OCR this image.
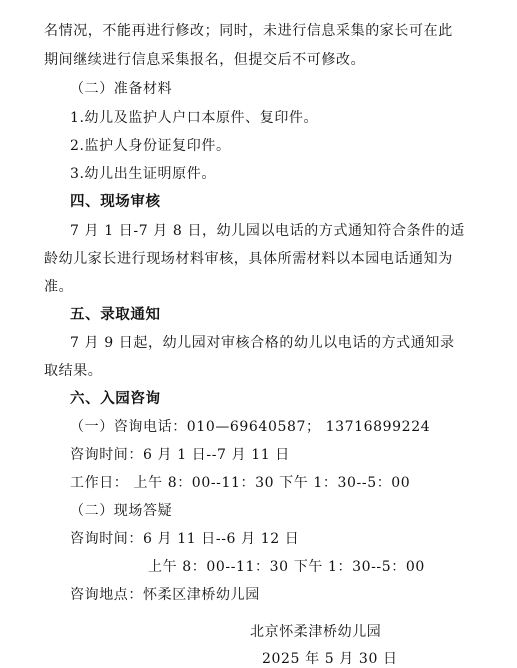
名情况，不能再进行修改；同时，未进行信息采集的家长可在此
期间继续进行信息采集报名，但提交后不可修改。
（二）准备材料
1.幼儿及监护人户口本原件、复印件。
2.监护人身份证复印件。
3.幼儿出生证明原件。
四、现场审核
7 月 1 日-7 月 8 日，幼儿园以电话的方式通知符合条件的适
龄幼儿家长进行现场材料审核，具体所需材料以本园电话通知为
准。
五、录取通知
7 月 9 日起，幼儿园对审核合格的幼儿以电话的方式通知录
取结果。
六、入园咨询
（一）咨询电话：010—69640587； 13716899224
咨询时间：6 月 1 日--7 月 11 日
工作日： 上午 8：00--11：30 下午 1：30--5：00
（二）现场答疑
咨询时间：6 月 11 日--6 月 12 日
上午 8：00--11：30 下午 1：30--5：00
咨询地点：怀柔区津桥幼儿园
北京怀柔津桥幼儿园
2025 年 5 月 30 日
